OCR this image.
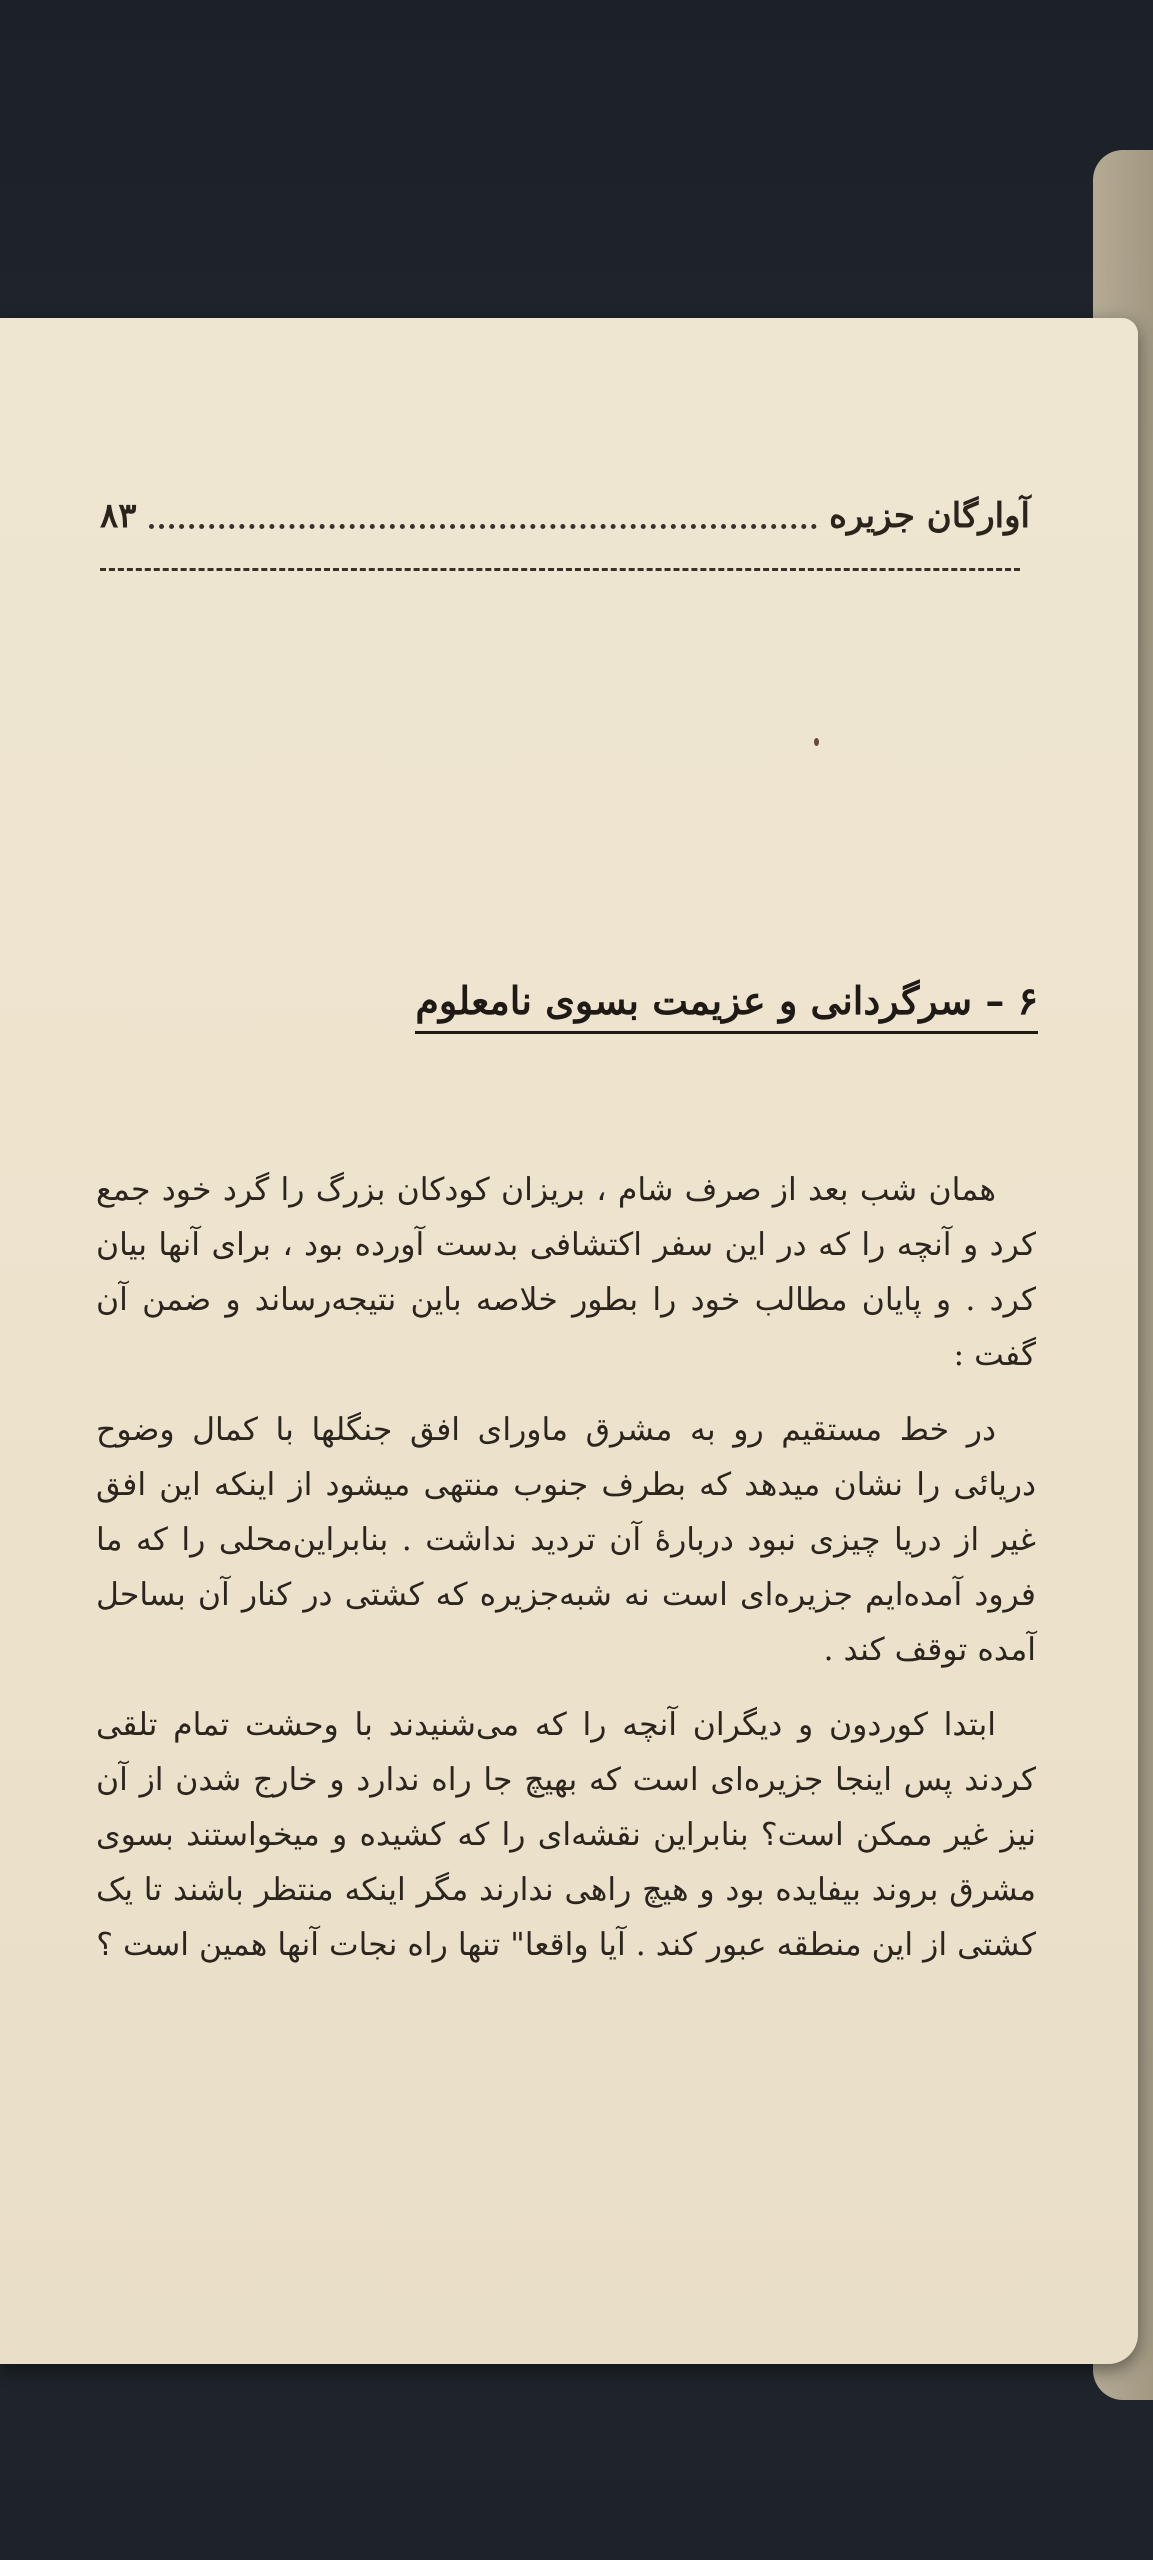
آوارگان جزیره
۸۳
۶ – سرگردانی و عزیمت بسوی نامعلوم

همان شب بعد از صرف شام ، بریزان کودکان بزرگ را گرد خود جمع کرد و آنچه را که در این سفر اکتشافی بدست آورده بود ، برای آنها بیان کرد . و پایان مطالب خود را بطور خلاصه باین نتیجه‌رساند و ضمن آن گفت :

در خط مستقیم رو به مشرق ماورای افق جنگلها با کمال وضوح دریائی را نشان میدهد که بطرف جنوب منتهی میشود از اینکه این افق غیر از دریا چیزی نبود دربارهٔ آن تردید نداشت . بنابراین‌محلی را که ما فرود آمده‌ایم جزیره‌ای است نه شبه‌جزیره که کشتی در کنار آن بساحل آمده توقف کند .

ابتدا کوردون و دیگران آنچه را که می‌شنیدند با وحشت تمام تلقی کردند پس اینجا جزیره‌ای است که بهیچ جا راه ندارد و خارج شدن از آن نیز غیر ممکن است؟ بنابراین نقشه‌ای را که کشیده و میخواستند بسوی مشرق بروند بیفایده بود و هیچ راهی ندارند مگر اینکه منتظر باشند تا یک کشتی از این منطقه عبور کند . آیا واقعا" تنها راه نجات آنها همین است ؟
